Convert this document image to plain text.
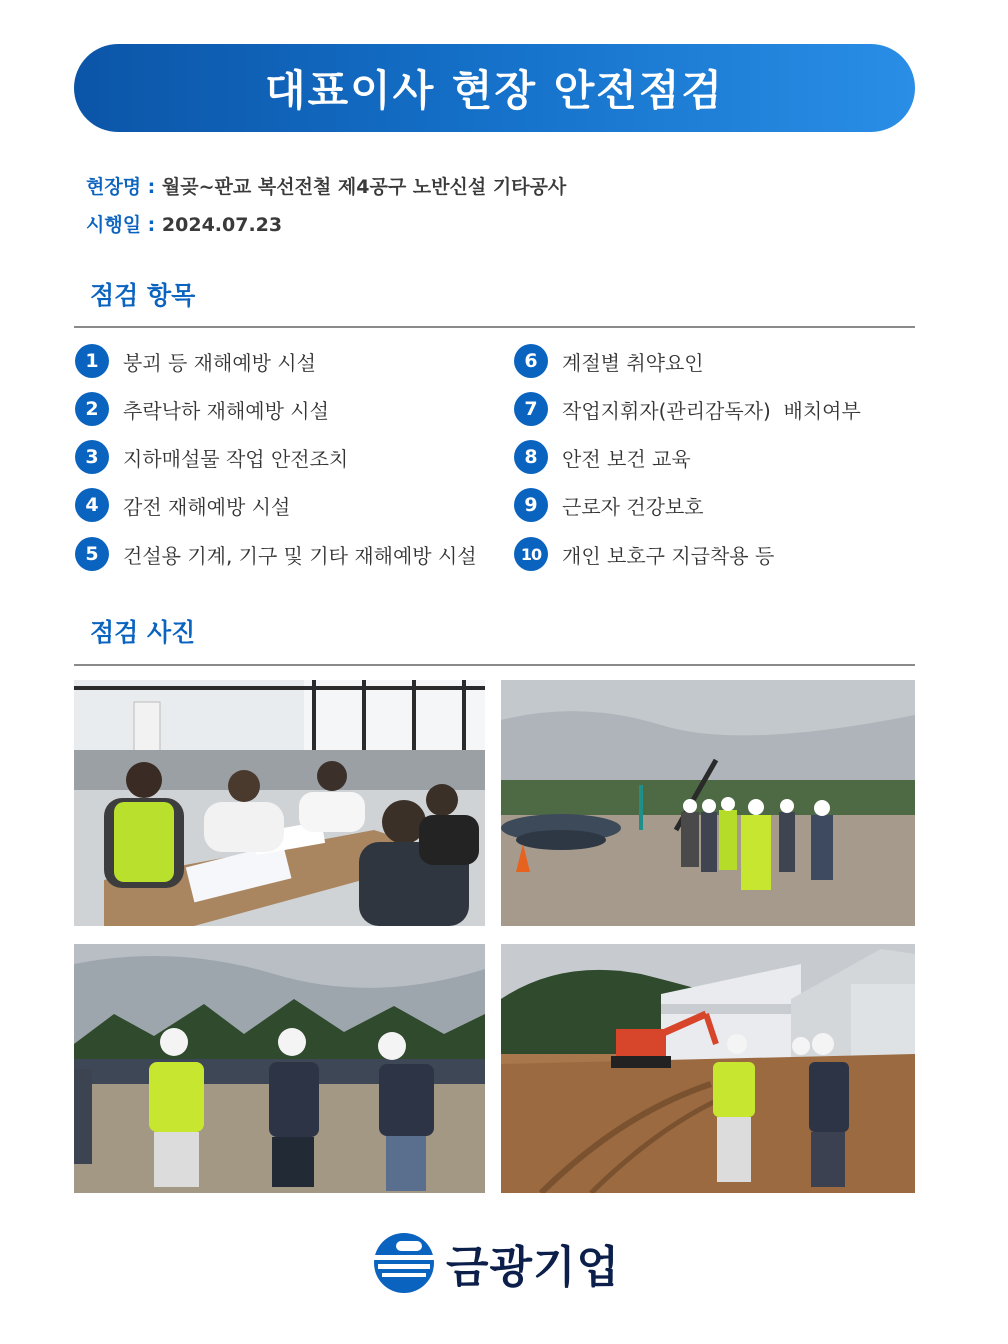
대표이사 현장 안전점검
현장명 : 월곶~판교 복선전철 제4공구 노반신설 기타공사
시행일 : 2024.07.23
점검 항목
1	붕괴 등 재해예방 시설
2	추락낙하 재해예방 시설
3	지하매설물 작업 안전조치
4	감전 재해예방 시설
5	건설용 기계, 기구 및 기타 재해예방 시설
6	계절별 취약요인
7	작업지휘자(관리감독자)  배치여부
8	안전 보건 교육
9	근로자 건강보호
10	개인 보호구 지급착용 등
점검 사진
금광기업
